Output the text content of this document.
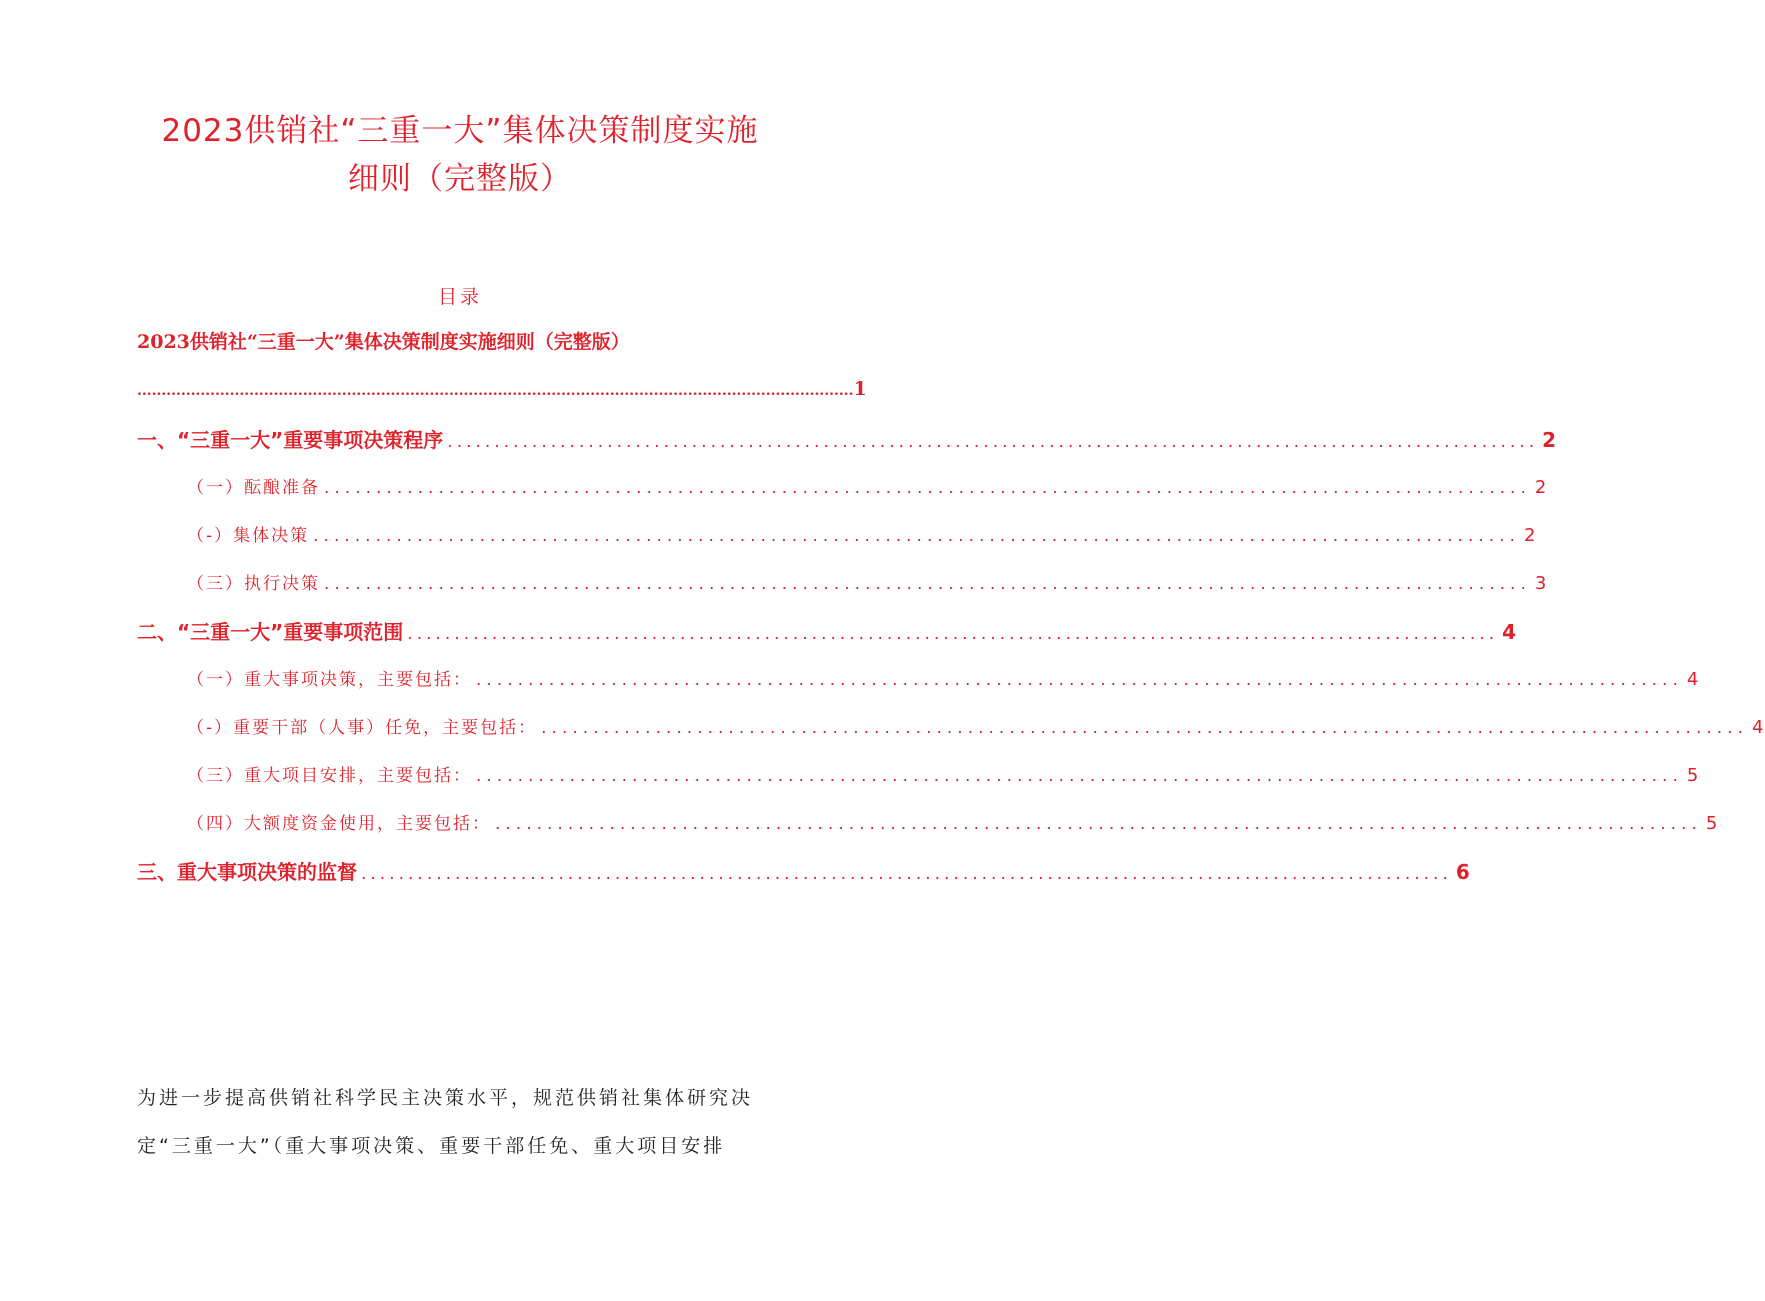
2023供销社“三重一大”集体决策制度实施
细则（完整版）
目录
2023供销社“三重一大”集体决策制度实施细则（完整版）
................................................................................................................................................... 1
一、“三重一大”重要事项决策程序 .................................................................................................................... 2
（一）酝酿准备 .................................................................................................................... 2
（-）集体决策 .................................................................................................................... 2
（三）执行决策 .................................................................................................................... 3
二、“三重一大”重要事项范围 .................................................................................................................... 4
（一）重大事项决策，主要包括： .................................................................................................................... 4
（-）重要干部（人事）任免，主要包括： .................................................................................................................... 4
（三）重大项目安排，主要包括： .................................................................................................................... 5
（四）大额度资金使用，主要包括： .................................................................................................................... 5
三、重大事项决策的监督 .................................................................................................................... 6
为进一步提高供销社科学民主决策水平，规范供销社集体研究决
定“三重一大”（重大事项决策、重要干部任免、重大项目安排
